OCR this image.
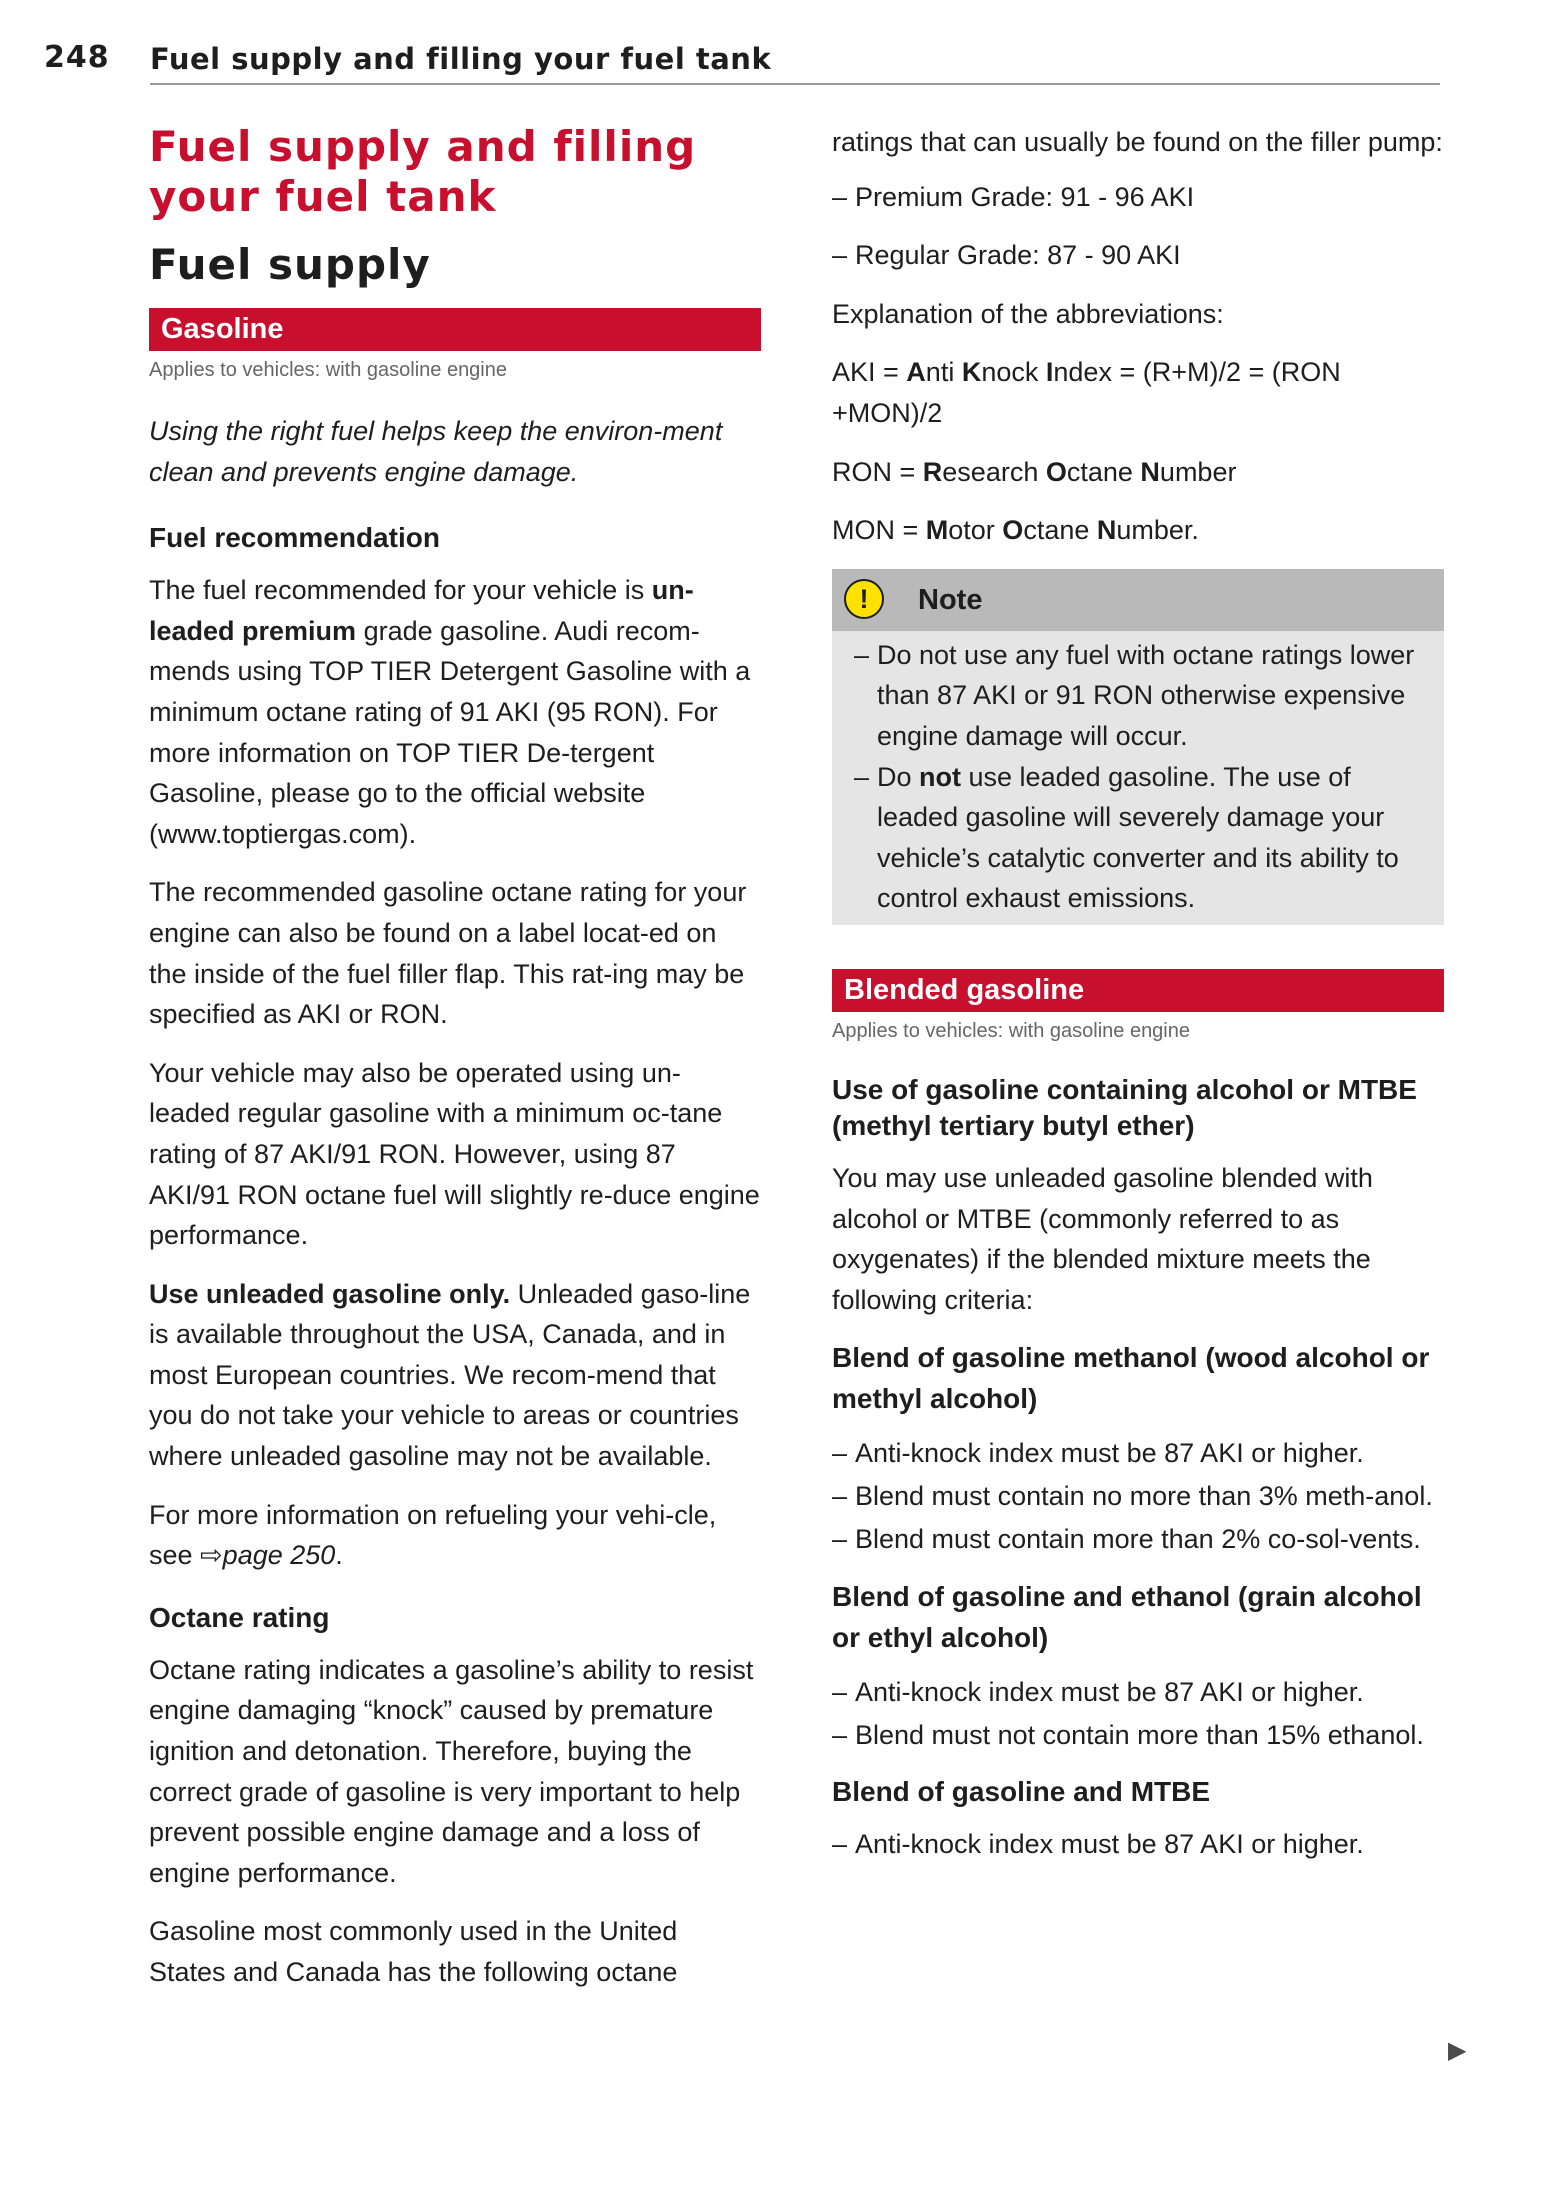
248 Fuel supply and filling your fuel tank
Fuel supply and filling your fuel tank
Fuel supply
Gasoline
Applies to vehicles: with gasoline engine

Using the right fuel helps keep the environ-ment clean and prevents engine damage.

Fuel recommendation

The fuel recommended for your vehicle is un-leaded premium grade gasoline. Audi recom-mends using TOP TIER Detergent Gasoline with a minimum octane rating of 91 AKI (95 RON). For more information on TOP TIER De-tergent Gasoline, please go to the official website (www.toptiergas.com).

The recommended gasoline octane rating for your engine can also be found on a label locat-ed on the inside of the fuel filler flap. This rat-ing may be specified as AKI or RON.

Your vehicle may also be operated using un-leaded regular gasoline with a minimum oc-tane rating of 87 AKI/91 RON. However, using 87 AKI/91 RON octane fuel will slightly re-duce engine performance.

Use unleaded gasoline only. Unleaded gaso-line is available throughout the USA, Canada, and in most European countries. We recom-mend that you do not take your vehicle to areas or countries where unleaded gasoline may not be available.

For more information on refueling your vehi-cle, see ⇨page 250.

Octane rating

Octane rating indicates a gasoline’s ability to resist engine damaging “knock” caused by premature ignition and detonation. Therefore, buying the correct grade of gasoline is very important to help prevent possible engine damage and a loss of engine performance.

Gasoline most commonly used in the United States and Canada has the following octane

ratings that can usually be found on the filler pump:

– Premium Grade: 91 - 96 AKI
– Regular Grade: 87 - 90 AKI

Explanation of the abbreviations:

AKI = Anti Knock Index = (R+M)/2 = (RON +MON)/2

RON = Research Octane Number

MON = Motor Octane Number.

!	Note
– Do not use any fuel with octane ratings lower than 87 AKI or 91 RON otherwise expensive engine damage will occur.
– Do not use leaded gasoline. The use of leaded gasoline will severely damage your vehicle’s catalytic converter and its ability to control exhaust emissions.
Blended gasoline
Applies to vehicles: with gasoline engine
Use of gasoline containing alcohol or MTBE (methyl tertiary butyl ether)

You may use unleaded gasoline blended with alcohol or MTBE (commonly referred to as oxygenates) if the blended mixture meets the following criteria:

Blend of gasoline methanol (wood alcohol or methyl alcohol)
– Anti-knock index must be 87 AKI or higher.
– Blend must contain no more than 3% meth-anol.
– Blend must contain more than 2% co-sol-vents.
Blend of gasoline and ethanol (grain alcohol or ethyl alcohol)
– Anti-knock index must be 87 AKI or higher.
– Blend must not contain more than 15% ethanol.
Blend of gasoline and MTBE
– Anti-knock index must be 87 AKI or higher.
▶
